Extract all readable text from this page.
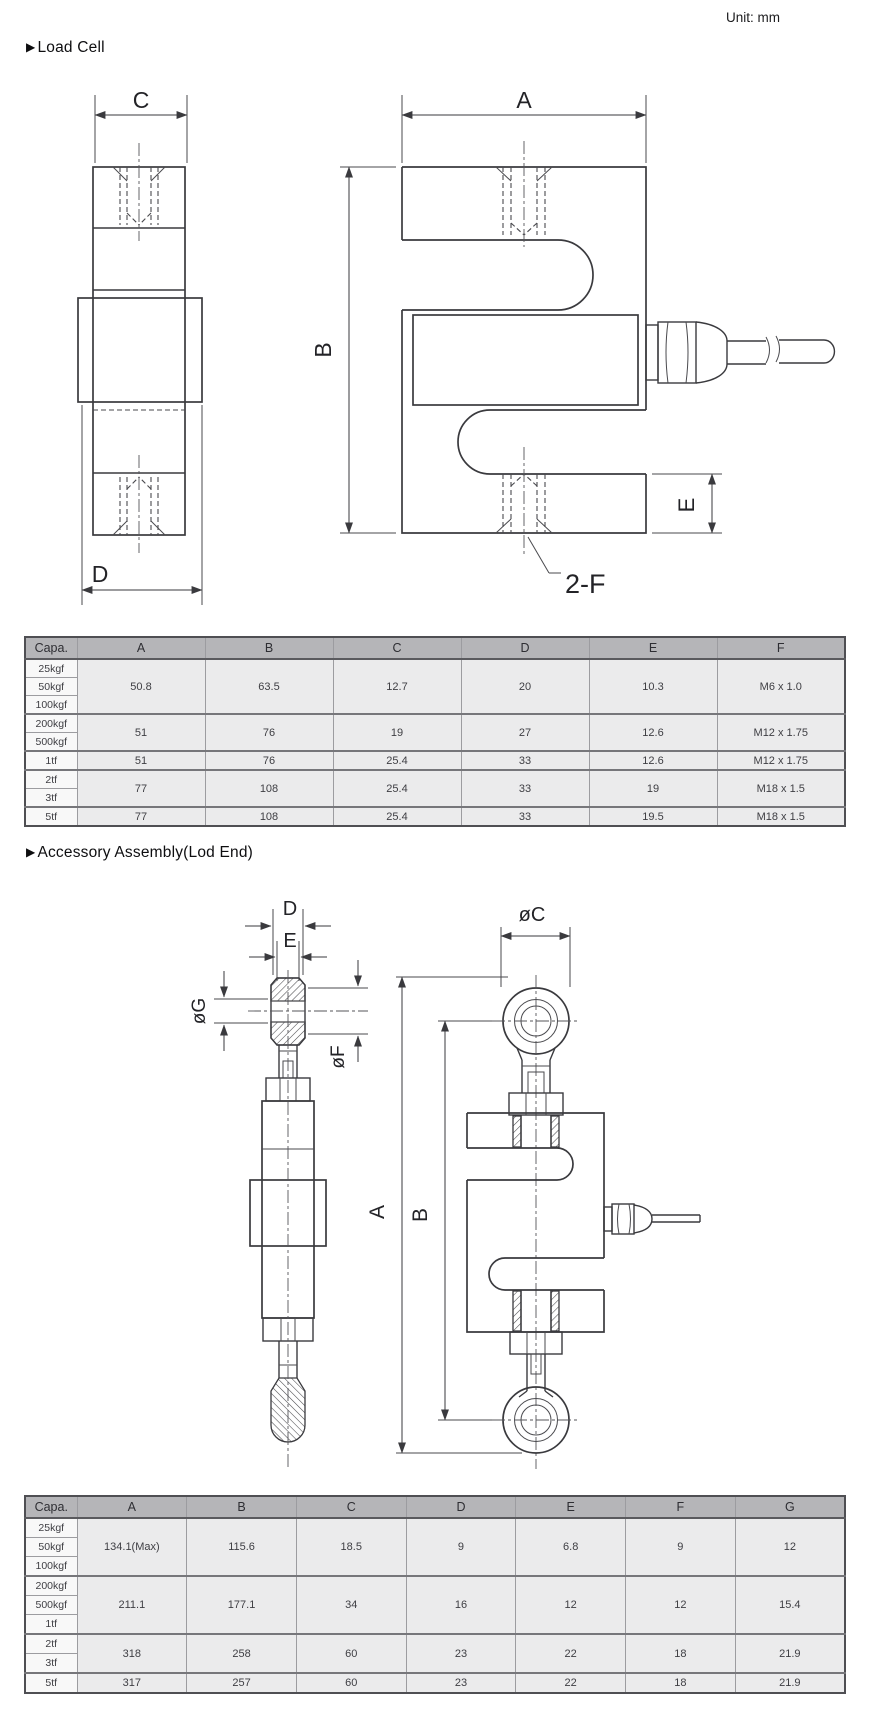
Unit: mm
▶ Load Cell
C
D
A
B
E
2-F
Capa.	A	B	C	D	E	F
25kgf	50.8	63.5	12.7	20	10.3	M6 x 1.0
50kgf						
100kgf						
200kgf	51	76	19	27	12.6	M12 x 1.75
500kgf						
1tf	51	76	25.4	33	12.6	M12 x 1.75
2tf	77	108	25.4	33	19	M18 x 1.5
3tf						
5tf	77	108	25.4	33	19.5	M18 x 1.5
▶ Accessory Assembly(Lod End)
D
E
øG
øF
øC
A B
Capa.	A	B	C	D	E	F	G
25kgf	134.1(Max)	115.6	18.5	9	6.8	9	12
50kgf							
100kgf							
200kgf	211.1	177.1	34	16	12	12	15.4
500kgf							
1tf							
2tf	318	258	60	23	22	18	21.9
3tf							
5tf	317	257	60	23	22	18	21.9
